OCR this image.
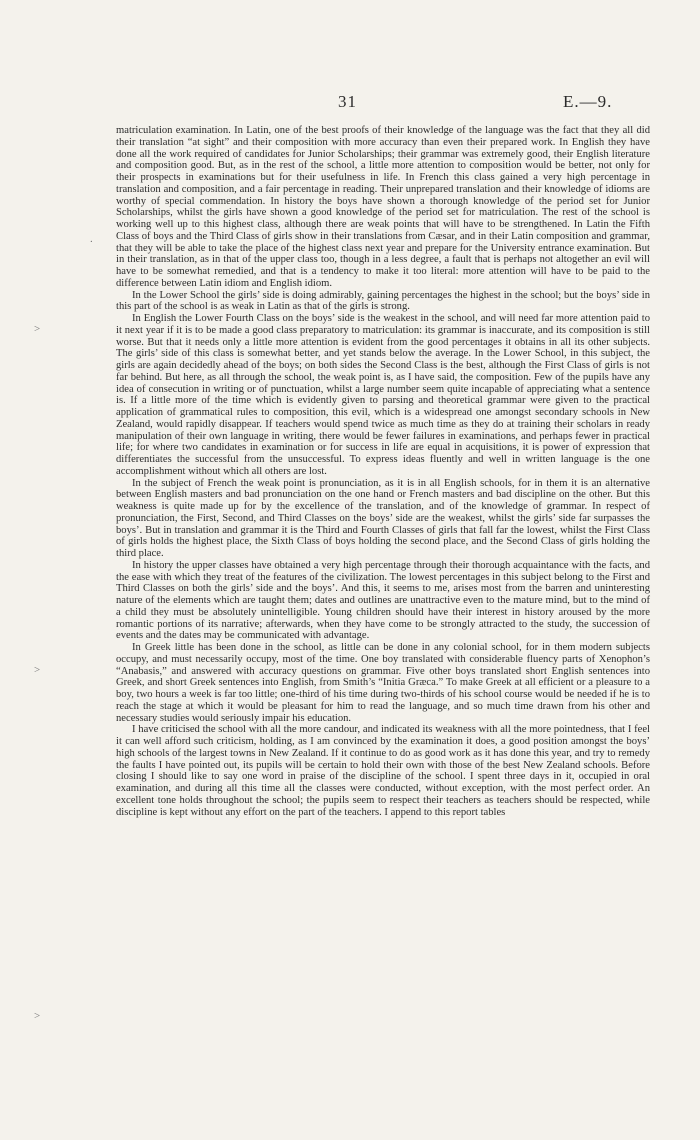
31	E.—9.
>
>
.
>

matriculation examination. In Latin, one of the best proofs of their knowledge of the language was the fact that they all did their translation “at sight” and their composition with more accuracy than even their prepared work. In English they have done all the work required of candidates for Junior Scholarships; their grammar was extremely good, their English literature and composition good. But, as in the rest of the school, a little more attention to composition would be better, not only for their prospects in examinations but for their usefulness in life. In French this class gained a very high percentage in translation and composition, and a fair percentage in reading. Their unprepared translation and their knowledge of idioms are worthy of special commendation. In history the boys have shown a thorough knowledge of the period set for Junior Scholarships, whilst the girls have shown a good knowledge of the period set for matriculation. The rest of the school is working well up to this highest class, although there are weak points that will have to be strengthened. In Latin the Fifth Class of boys and the Third Class of girls show in their translations from Cæsar, and in their Latin composition and grammar, that they will be able to take the place of the highest class next year and prepare for the University entrance examination. But in their translation, as in that of the upper class too, though in a less degree, a fault that is perhaps not altogether an evil will have to be somewhat remedied, and that is a tendency to make it too literal: more attention will have to be paid to the difference between Latin idiom and English idiom.

In the Lower School the girls’ side is doing admirably, gaining percentages the highest in the school; but the boys’ side in this part of the school is as weak in Latin as that of the girls is strong.

In English the Lower Fourth Class on the boys’ side is the weakest in the school, and will need far more attention paid to it next year if it is to be made a good class preparatory to matriculation: its grammar is inaccurate, and its composition is still worse. But that it needs only a little more attention is evident from the good percentages it obtains in all its other subjects. The girls’ side of this class is somewhat better, and yet stands below the average. In the Lower School, in this subject, the girls are again decidedly ahead of the boys; on both sides the Second Class is the best, although the First Class of girls is not far behind. But here, as all through the school, the weak point is, as I have said, the composition. Few of the pupils have any idea of consecution in writing or of punctuation, whilst a large number seem quite incapable of appreciating what a sentence is. If a little more of the time which is evidently given to parsing and theoretical grammar were given to the practical application of grammatical rules to composition, this evil, which is a widespread one amongst secondary schools in New Zealand, would rapidly disappear. If teachers would spend twice as much time as they do at training their scholars in ready manipulation of their own language in writing, there would be fewer failures in examinations, and perhaps fewer in practical life; for where two candidates in examination or for success in life are equal in acquisitions, it is power of expression that differentiates the successful from the unsuccessful. To express ideas fluently and well in written language is the one accomplishment without which all others are lost.

In the subject of French the weak point is pronunciation, as it is in all English schools, for in them it is an alternative between English masters and bad pronunciation on the one hand or French masters and bad discipline on the other. But this weakness is quite made up for by the excellence of the translation, and of the knowledge of grammar. In respect of pronunciation, the First, Second, and Third Classes on the boys’ side are the weakest, whilst the girls’ side far surpasses the boys’. But in translation and grammar it is the Third and Fourth Classes of girls that fall far the lowest, whilst the First Class of girls holds the highest place, the Sixth Class of boys holding the second place, and the Second Class of girls holding the third place.

In history the upper classes have obtained a very high percentage through their thorough acquaintance with the facts, and the ease with which they treat of the features of the civilization. The lowest percentages in this subject belong to the First and Third Classes on both the girls’ side and the boys’. And this, it seems to me, arises most from the barren and uninteresting nature of the elements which are taught them; dates and outlines are unattractive even to the mature mind, but to the mind of a child they must be absolutely unintelligible. Young children should have their interest in history aroused by the more romantic portions of its narrative; afterwards, when they have come to be strongly attracted to the study, the succession of events and the dates may be communicated with advantage.

In Greek little has been done in the school, as little can be done in any colonial school, for in them modern subjects occupy, and must necessarily occupy, most of the time. One boy translated with considerable fluency parts of Xenophon’s “Anabasis,” and answered with accuracy questions on grammar. Five other boys translated short English sentences into Greek, and short Greek sentences into English, from Smith’s “Initia Græca.” To make Greek at all efficient or a pleasure to a boy, two hours a week is far too little; one-third of his time during two-thirds of his school course would be needed if he is to reach the stage at which it would be pleasant for him to read the language, and so much time drawn from his other and necessary studies would seriously impair his education.

I have criticised the school with all the more candour, and indicated its weakness with all the more pointedness, that I feel it can well afford such criticism, holding, as I am convinced by the examination it does, a good position amongst the boys’ high schools of the largest towns in New Zealand. If it continue to do as good work as it has done this year, and try to remedy the faults I have pointed out, its pupils will be certain to hold their own with those of the best New Zealand schools. Before closing I should like to say one word in praise of the discipline of the school. I spent three days in it, occupied in oral examination, and during all this time all the classes were conducted, without exception, with the most perfect order. An excellent tone holds throughout the school; the pupils seem to respect their teachers as teachers should be respected, while discipline is kept without any effort on the part of the teachers. I append to this report tables
